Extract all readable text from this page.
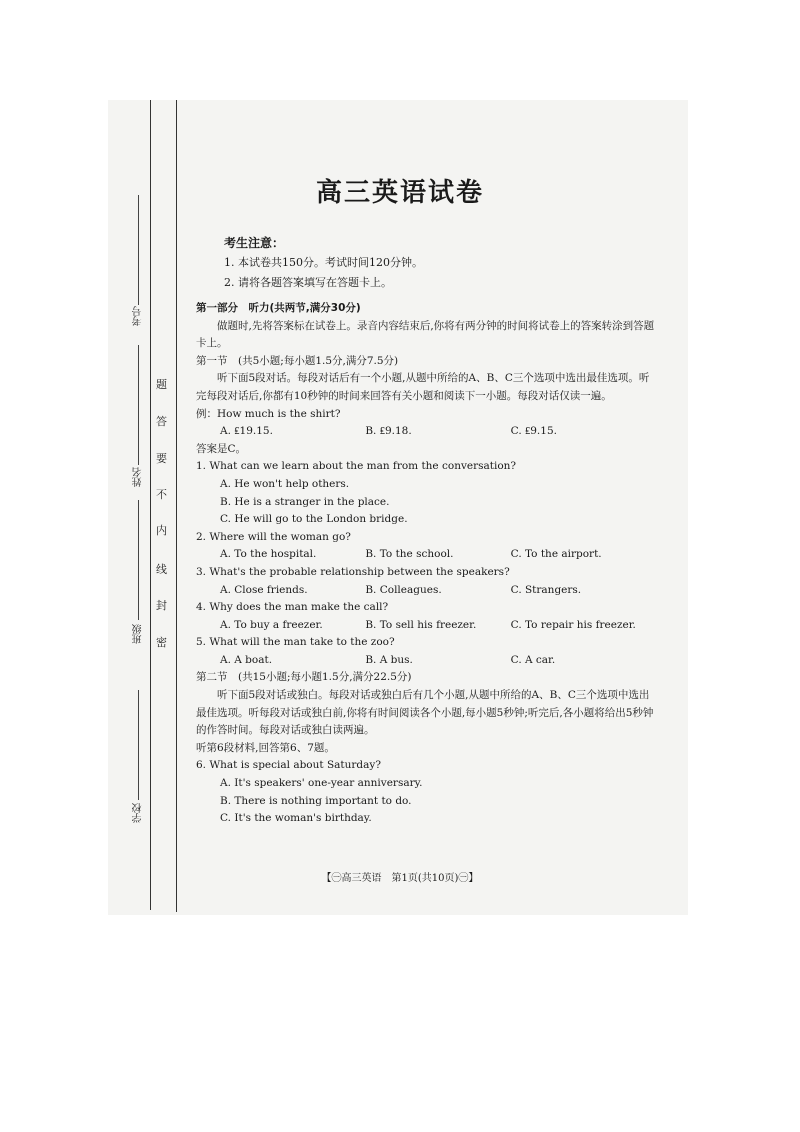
考号
姓名
班级
学校
题
答
要
不
内
线
封
密
高三英语试卷
考生注意：
1. 本试卷共150分。考试时间120分钟。
2. 请将各题答案填写在答题卡上。
第一部分　听力(共两节,满分30分)
做题时,先将答案标在试卷上。录音内容结束后,你将有两分钟的时间将试卷上的答案转涂到答题卡上。
第一节　(共5小题;每小题1.5分,满分7.5分)
听下面5段对话。每段对话后有一个小题,从题中所给的A、B、C三个选项中选出最佳选项。听完每段对话后,你都有10秒钟的时间来回答有关小题和阅读下一小题。每段对话仅读一遍。
例：How much is the shirt?
A. ₤19.15.	B. ₤9.18.	C. ₤9.15.
答案是C。
1. What can we learn about the man from the conversation?
A. He won't help others.
B. He is a stranger in the place.
C. He will go to the London bridge.
2. Where will the woman go?
A. To the hospital.	B. To the school.	C. To the airport.
3. What's the probable relationship between the speakers?
A. Close friends.	B. Colleagues.	C. Strangers.
4. Why does the man make the call?
A. To buy a freezer.	B. To sell his freezer.	C. To repair his freezer.
5. What will the man take to the zoo?
A. A boat.	B. A bus.	C. A car.
第二节　(共15小题;每小题1.5分,满分22.5分)
听下面5段对话或独白。每段对话或独白后有几个小题,从题中所给的A、B、C三个选项中选出最佳选项。听每段对话或独白前,你将有时间阅读各个小题,每小题5秒钟;听完后,各小题将给出5秒钟的作答时间。每段对话或独白读两遍。
听第6段材料,回答第6、7题。
6. What is special about Saturday?
A. It's speakers' one-year anniversary.
B. There is nothing important to do.
C. It's the woman's birthday.
【㊀高三英语　第1页(共10页)㊀】
